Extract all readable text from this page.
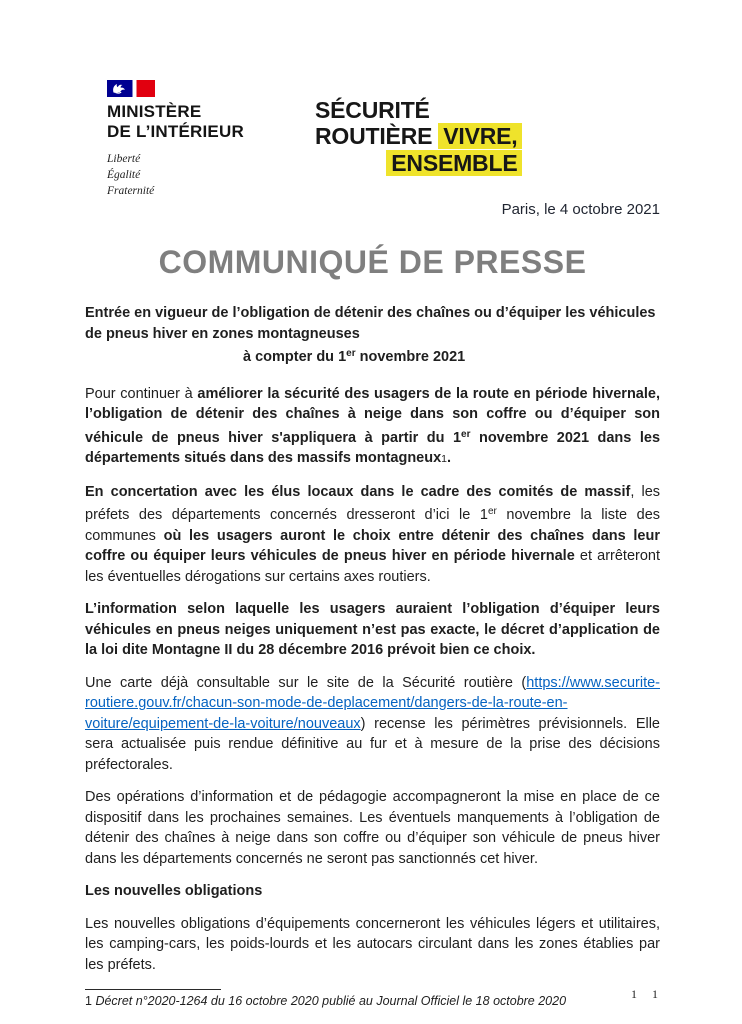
MINISTÈRE
DE L’INTÉRIEUR
Liberté
Égalité
Fraternité
SÉCURITÉ
ROUTIÈRE VIVRE,
ENSEMBLE
Paris, le 4 octobre 2021
COMMUNIQUÉ DE PRESSE
Entrée en vigueur de l’obligation de détenir des chaînes ou d’équiper les véhicules de pneus hiver en zones montagneuses
à compter du 1er novembre 2021

Pour continuer à améliorer la sécurité des usagers de la route en période hivernale, l’obligation de détenir des chaînes à neige dans son coffre ou d’équiper son véhicule de pneus hiver s'appliquera à partir du 1er novembre 2021 dans les départements situés dans des massifs montagneux1.

En concertation avec les élus locaux dans le cadre des comités de massif, les préfets des départements concernés dresseront d’ici le 1er novembre la liste des communes où les usagers auront le choix entre détenir des chaînes dans leur coffre ou équiper leurs véhicules de pneus hiver en période hivernale et arrêteront les éventuelles dérogations sur certains axes routiers.

L’information selon laquelle les usagers auraient l’obligation d’équiper leurs véhicules en pneus neiges uniquement n’est pas exacte, le décret d’application de la loi dite Montagne II du 28 décembre 2016 prévoit bien ce choix.

Une carte déjà consultable sur le site de la Sécurité routière (https://www.securite-routiere.gouv.fr/chacun-son-mode-de-deplacement/dangers-de-la-route-en-voiture/equipement-de-la-voiture/nouveaux) recense les périmètres prévisionnels. Elle sera actualisée puis rendue définitive au fur et à mesure de la prise des décisions préfectorales.

Des opérations d’information et de pédagogie accompagneront la mise en place de ce dispositif dans les prochaines semaines. Les éventuels manquements à l’obligation de détenir des chaînes à neige dans son coffre ou d’équiper son véhicule de pneus hiver dans les départements concernés ne seront pas sanctionnés cet hiver.

Les nouvelles obligations

Les nouvelles obligations d’équipements concerneront les véhicules légers et utilitaires, les camping-cars, les poids-lourds et les autocars circulant dans les zones établies par les préfets.

1 Décret n°2020-1264 du 16 octobre 2020 publié au Journal Officiel le 18 octobre 2020	1 1
